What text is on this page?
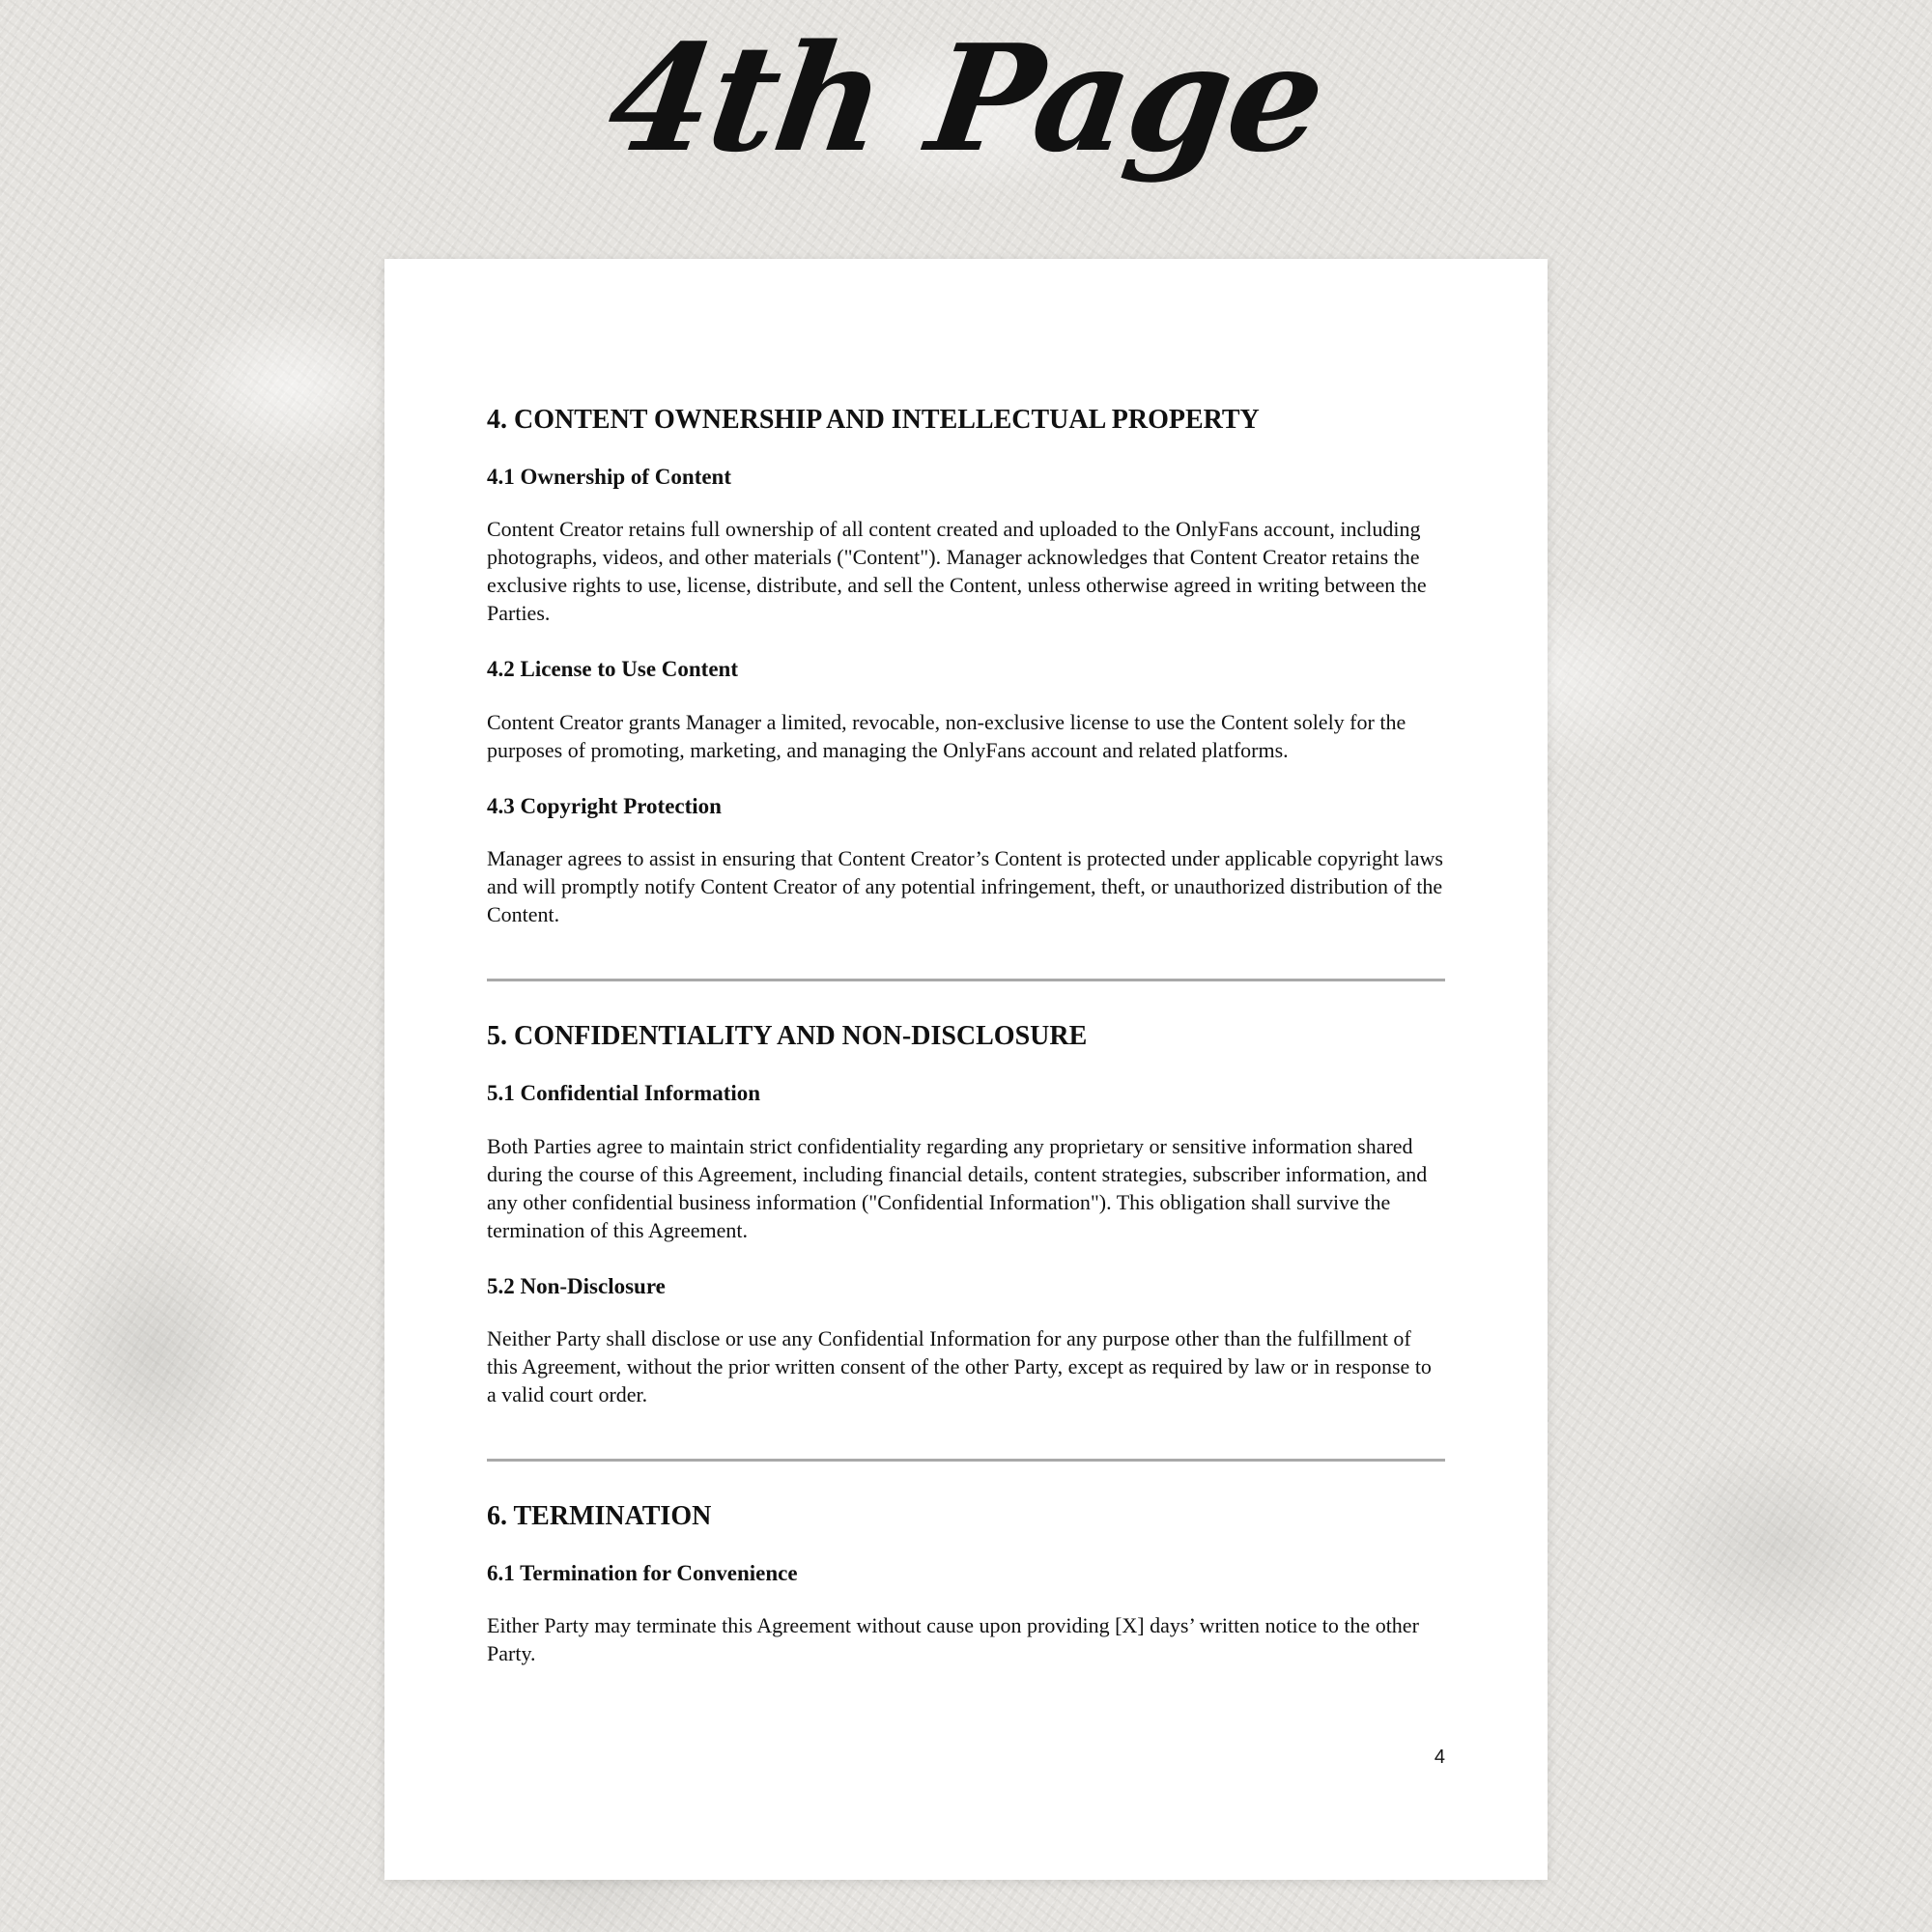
4th Page
4. CONTENT OWNERSHIP AND INTELLECTUAL PROPERTY
4.1 Ownership of Content
Content Creator retains full ownership of all content created and uploaded to the OnlyFans account, including photographs, videos, and other materials ("Content"). Manager acknowledges that Content Creator retains the exclusive rights to use, license, distribute, and sell the Content, unless otherwise agreed in writing between the Parties.
4.2 License to Use Content
Content Creator grants Manager a limited, revocable, non-exclusive license to use the Content solely for the purposes of promoting, marketing, and managing the OnlyFans account and related platforms.
4.3 Copyright Protection
Manager agrees to assist in ensuring that Content Creator’s Content is protected under applicable copyright laws and will promptly notify Content Creator of any potential infringement, theft, or unauthorized distribution of the Content.
5. CONFIDENTIALITY AND NON-DISCLOSURE
5.1 Confidential Information
Both Parties agree to maintain strict confidentiality regarding any proprietary or sensitive information shared during the course of this Agreement, including financial details, content strategies, subscriber information, and any other confidential business information ("Confidential Information"). This obligation shall survive the termination of this Agreement.
5.2 Non-Disclosure
Neither Party shall disclose or use any Confidential Information for any purpose other than the fulfillment of this Agreement, without the prior written consent of the other Party, except as required by law or in response to a valid court order.
6. TERMINATION
6.1 Termination for Convenience
Either Party may terminate this Agreement without cause upon providing [X] days’ written notice to the other Party.
4
